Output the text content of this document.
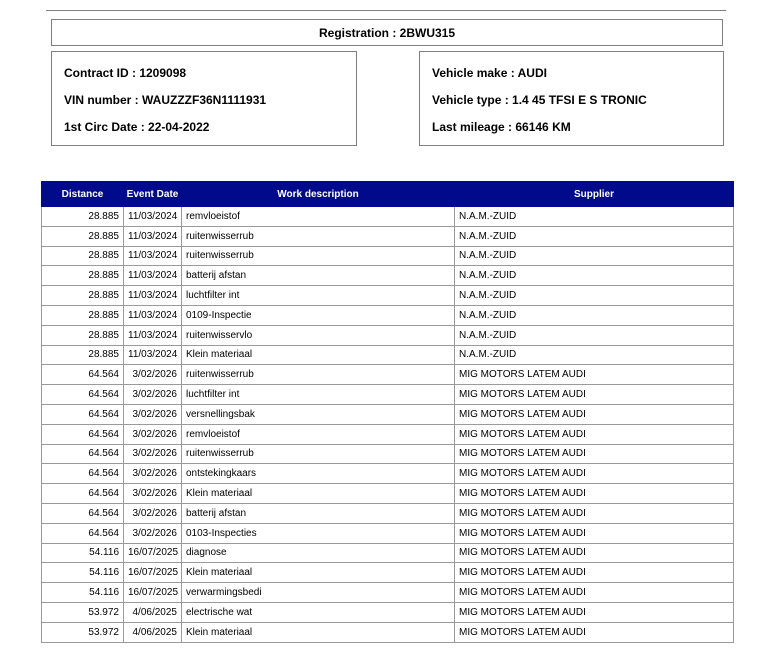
Registration : 2BWU315
Contract ID : 1209098
VIN number : WAUZZZF36N1111931
1st Circ Date : 22-04-2022
Vehicle make : AUDI
Vehicle type : 1.4 45 TFSI E S TRONIC
Last mileage : 66146 KM
Distance	Event Date	Work description	Supplier
28.885	11/03/2024	remvloeistof	N.A.M.-ZUID
28.885	11/03/2024	ruitenwisserrub	N.A.M.-ZUID
28.885	11/03/2024	ruitenwisserrub	N.A.M.-ZUID
28.885	11/03/2024	batterij afstan	N.A.M.-ZUID
28.885	11/03/2024	luchtfilter int	N.A.M.-ZUID
28.885	11/03/2024	0109-Inspectie	N.A.M.-ZUID
28.885	11/03/2024	ruitenwisservlo	N.A.M.-ZUID
28.885	11/03/2024	Klein materiaal	N.A.M.-ZUID
64.564	3/02/2026	ruitenwisserrub	MIG MOTORS LATEM AUDI
64.564	3/02/2026	luchtfilter int	MIG MOTORS LATEM AUDI
64.564	3/02/2026	versnellingsbak	MIG MOTORS LATEM AUDI
64.564	3/02/2026	remvloeistof	MIG MOTORS LATEM AUDI
64.564	3/02/2026	ruitenwisserrub	MIG MOTORS LATEM AUDI
64.564	3/02/2026	ontstekingkaars	MIG MOTORS LATEM AUDI
64.564	3/02/2026	Klein materiaal	MIG MOTORS LATEM AUDI
64.564	3/02/2026	batterij afstan	MIG MOTORS LATEM AUDI
64.564	3/02/2026	0103-Inspecties	MIG MOTORS LATEM AUDI
54.116	16/07/2025	diagnose	MIG MOTORS LATEM AUDI
54.116	16/07/2025	Klein materiaal	MIG MOTORS LATEM AUDI
54.116	16/07/2025	verwarmingsbedi	MIG MOTORS LATEM AUDI
53.972	4/06/2025	electrische wat	MIG MOTORS LATEM AUDI
53.972	4/06/2025	Klein materiaal	MIG MOTORS LATEM AUDI
